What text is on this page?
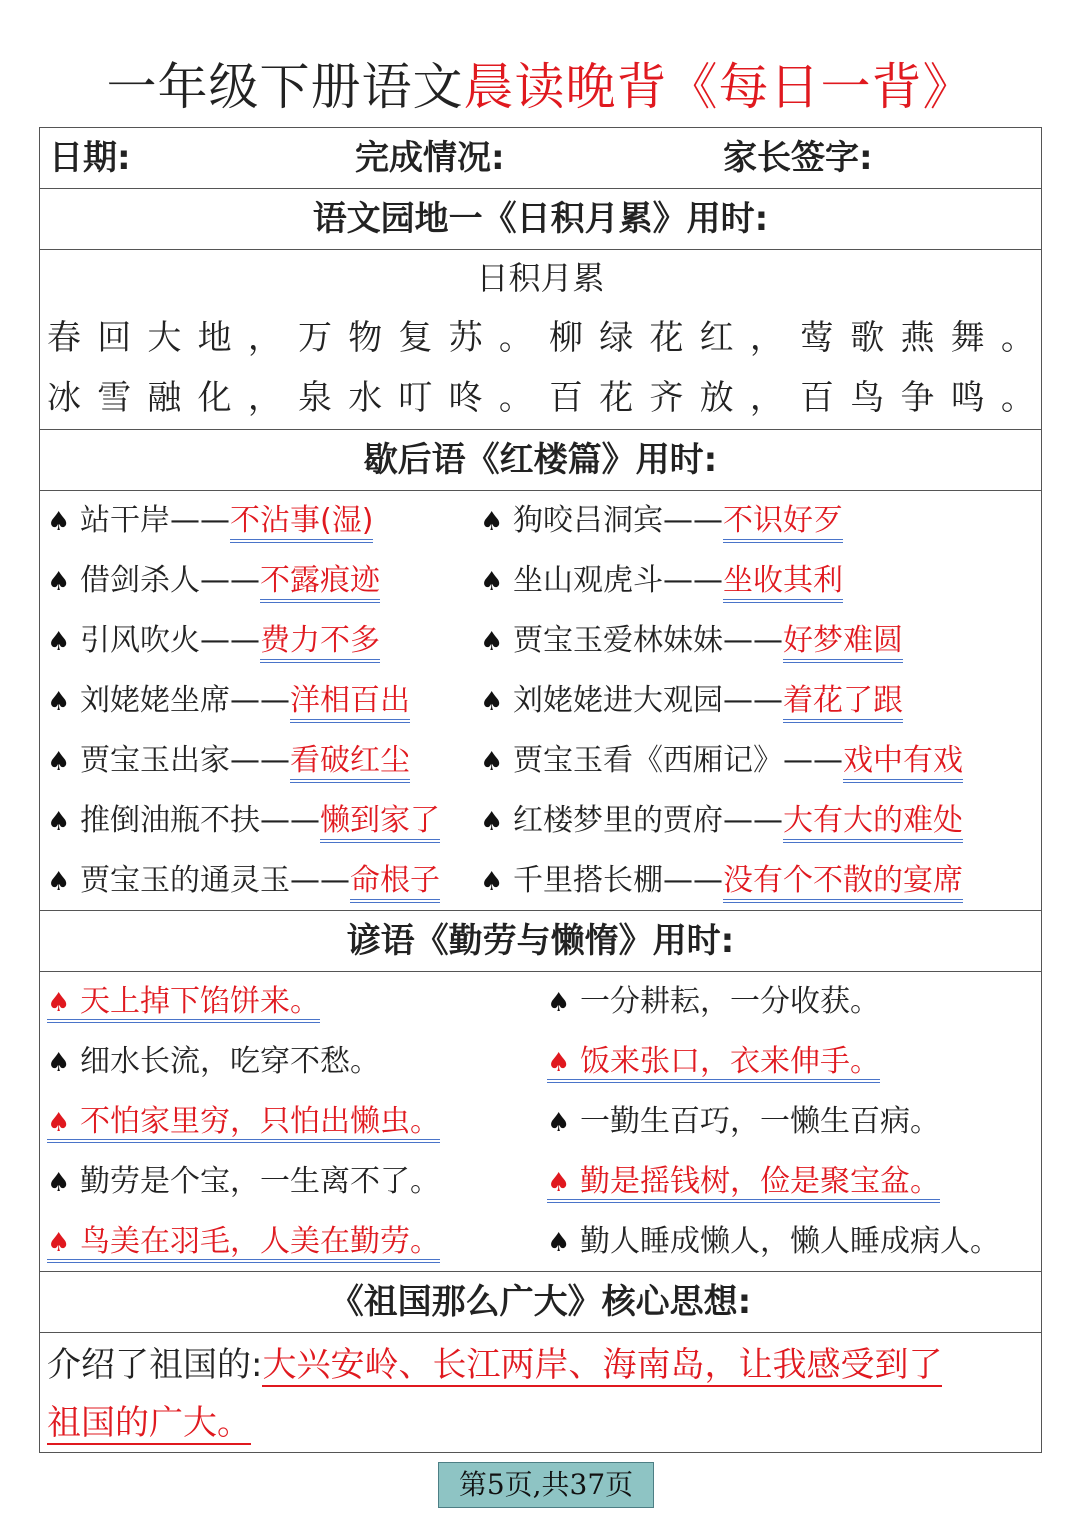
一年级下册语文晨读晚背《每日一背》
日期:	完成情况:	家长签字:
语文园地一《日积月累》用时:
日积月累
春 回 大 地 ， 万 物 复 苏 。 柳 绿 花 红 ， 莺 歌 燕 舞 。
冰 雪 融 化 ， 泉 水 叮 咚 。 百 花 齐 放 ， 百 鸟 争 鸣 。
歇后语《红楼篇》用时:
♠ 站干岸——不沾事(湿)
♠ 借剑杀人——不露痕迹
♠ 引风吹火——费力不多
♠ 刘姥姥坐席——洋相百出
♠ 贾宝玉出家——看破红尘
♠ 推倒油瓶不扶——懒到家了
♠ 贾宝玉的通灵玉——命根子
♠ 狗咬吕洞宾——不识好歹
♠ 坐山观虎斗——坐收其利
♠ 贾宝玉爱林妹妹——好梦难圆
♠ 刘姥姥进大观园——着花了跟
♠ 贾宝玉看《西厢记》——戏中有戏
♠ 红楼梦里的贾府——大有大的难处
♠ 千里搭长棚——没有个不散的宴席
谚语《勤劳与懒惰》用时:
♠ 天上掉下馅饼来。
♠ 细水长流，吃穿不愁。
♠ 不怕家里穷，只怕出懒虫。
♠ 勤劳是个宝，一生离不了。
♠ 鸟美在羽毛，人美在勤劳。
♠ 一分耕耘，一分收获。
♠ 饭来张口，衣来伸手。
♠ 一勤生百巧，一懒生百病。
♠ 勤是摇钱树，俭是聚宝盆。
♠ 勤人睡成懒人，懒人睡成病人。
《祖国那么广大》核心思想:
介绍了祖国的:大兴安岭、长江两岸、海南岛，让我感受到了
祖国的广大。
第5页,共37页
